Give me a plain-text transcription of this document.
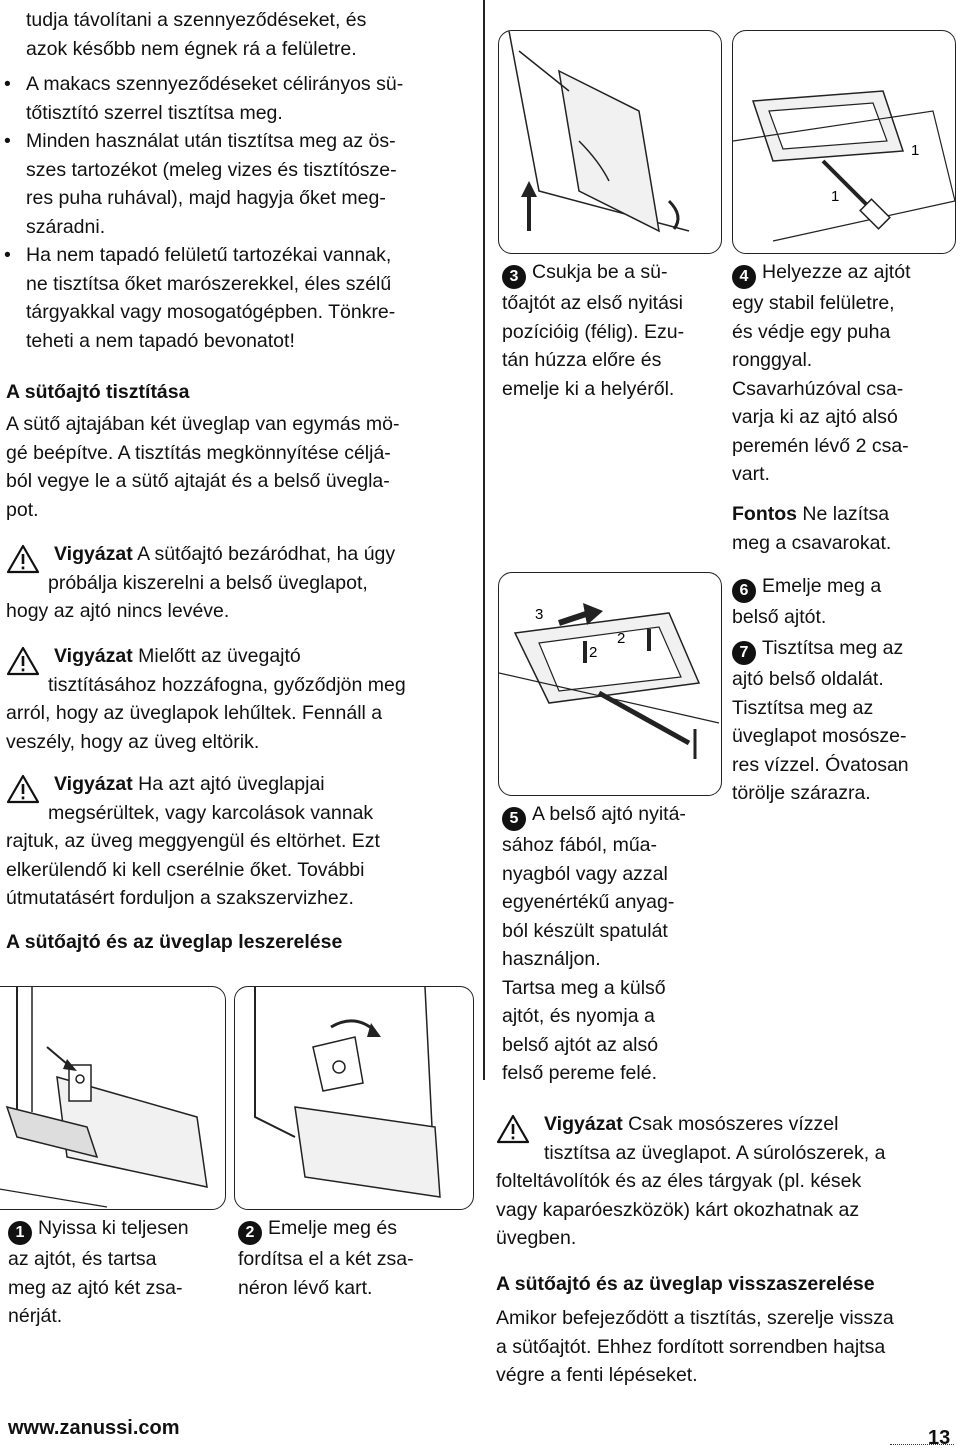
tudja távolítani a szennyeződéseket, és

azok később nem égnek rá a felületre.

• A makacs szennyeződéseket célirányos sü-
tőtisztító szerrel tisztítsa meg.
• Minden használat után tisztítsa meg az ös-
szes tartozékot (meleg vizes és tisztítósze-
res puha ruhával), majd hagyja őket meg-
száradni.
• Ha nem tapadó felületű tartozékai vannak,
ne tisztítsa őket marószerekkel, éles szélű
tárgyakkal vagy mosogatógépben. Tönkre-
teheti a nem tapadó bevonatot!
A sütőajtó tisztítása

A sütő ajtajában két üveglap van egymás mö-

gé beépítve. A tisztítás megkönnyítése céljá-

ból vegye le a sütő ajtaját és a belső üvegla-

pot.

Vigyázat A sütőajtó bezáródhat, ha úgy

próbálja kiszerelni a belső üveglapot,

hogy az ajtó nincs levéve.

Vigyázat Mielőtt az üvegajtó

tisztításához hozzáfogna, győződjön meg

arról, hogy az üveglapok lehűltek. Fennáll a

veszély, hogy az üveg eltörik.

Vigyázat Ha azt ajtó üveglapjai

megsérültek, vagy karcolások vannak

rajtuk, az üveg meggyengül és eltörhet. Ezt

elkerülendő ki kell cserélnie őket. További

útmutatásért forduljon a szakszervizhez.

A sütőajtó és az üveglap leszerelése

1 Nyissa ki teljesen

az ajtót, és tartsa

meg az ajtó két zsa-

nérját.

2 Emelje meg és

fordítsa el a két zsa-

néron lévő kart.

1
1

3 Csukja be a sü-

tőajtót az első nyitási

pozícióig (félig). Ezu-

tán húzza előre és

emelje ki a helyéről.

4 Helyezze az ajtót

egy stabil felületre,

és védje egy puha

ronggyal.

Csavarhúzóval csa-

varja ki az ajtó alsó

peremén lévő 2 csa-

vart.

Fontos Ne lazítsa

meg a csavarokat.

6 Emelje meg a

belső ajtót.

7 Tisztítsa meg az

ajtó belső oldalát.

Tisztítsa meg az

üveglapot mosósze-

res vízzel. Óvatosan

törölje szárazra.

3
2
2

5 A belső ajtó nyitá-

sához fából, műa-

nyagból vagy azzal

egyenértékű anyag-

ból készült spatulát

használjon.

Tartsa meg a külső

ajtót, és nyomja a

belső ajtót az alsó

felső pereme felé.

Vigyázat Csak mosószeres vízzel

tisztítsa az üveglapot. A súrolószerek, a

folteltávolítók és az éles tárgyak (pl. kések

vagy kaparóeszközök) kárt okozhatnak az

üvegben.

A sütőajtó és az üveglap visszaszerelése

Amikor befejeződött a tisztítás, szerelje vissza

a sütőajtót. Ehhez fordított sorrendben hajtsa

végre a fenti lépéseket.

www.zanussi.com	13
